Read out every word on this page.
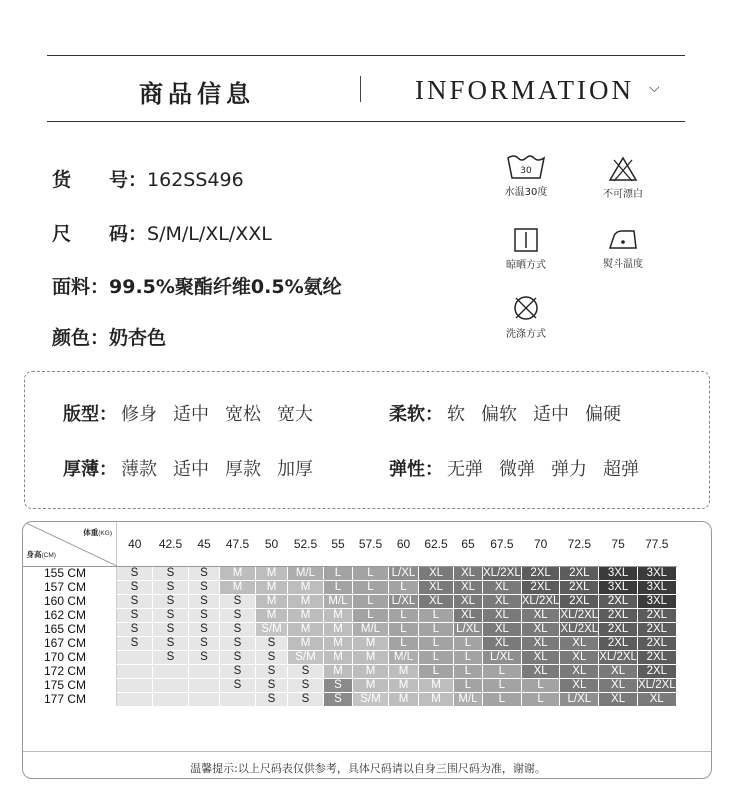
商品信息	INFORMATION ⌵
货　　号：162SS496
尺　　码：S/M/L/XL/XXL
面料：99.5%聚酯纤维0.5%氨纶
颜色：奶杏色
30
水温30度	不可漂白
晾晒方式	熨斗温度
洗涤方式
版型： 修身 适中 宽松 宽大	柔软： 软 偏软 适中 偏硬
厚薄： 薄款 适中 厚款 加厚	弹性： 无弹 微弹 弹力 超弹
体重(KG)
身高(CM)	40	42.5	45	47.5	50	52.5	55	57.5	60	62.5	65	67.5	70	72.5	75	77.5
155 CM	S	S	S	M	M	M/L	L	L	L/XL	XL	XL	XL/2XL	2XL	2XL	3XL	3XL
157 CM	S	S	S	M	M	M	L	L	L	XL	XL	XL	2XL	2XL	3XL	3XL
160 CM	S	S	S	S	M	M	M/L	L	L/XL	XL	XL	XL	XL/2XL	2XL	2XL	3XL
162 CM	S	S	S	S	M	M	M	L	L	L	XL	XL	XL	XL/2XL	2XL	2XL
165 CM	S	S	S	S	S/M	M	M	M/L	L	L	L/XL	XL	XL	XL/2XL	2XL	2XL
167 CM	S	S	S	S	S	M	M	M	L	L	L	XL	XL	XL	2XL	2XL
170 CM		S	S	S	S	S/M	M	M	M/L	L	L	L/XL	XL	XL	XL/2XL	2XL
172 CM				S	S	S	M	M	M	L	L	L	XL	XL	XL	2XL
175 CM				S	S	S	S	M	M	M	L	L	L	XL	XL	XL/2XL
177 CM					S	S	S	S/M	M	M	M/L	L	L	L/XL	XL	XL
温馨提示:以上尺码表仅供参考，具体尺码请以自身三围尺码为准，谢谢。
